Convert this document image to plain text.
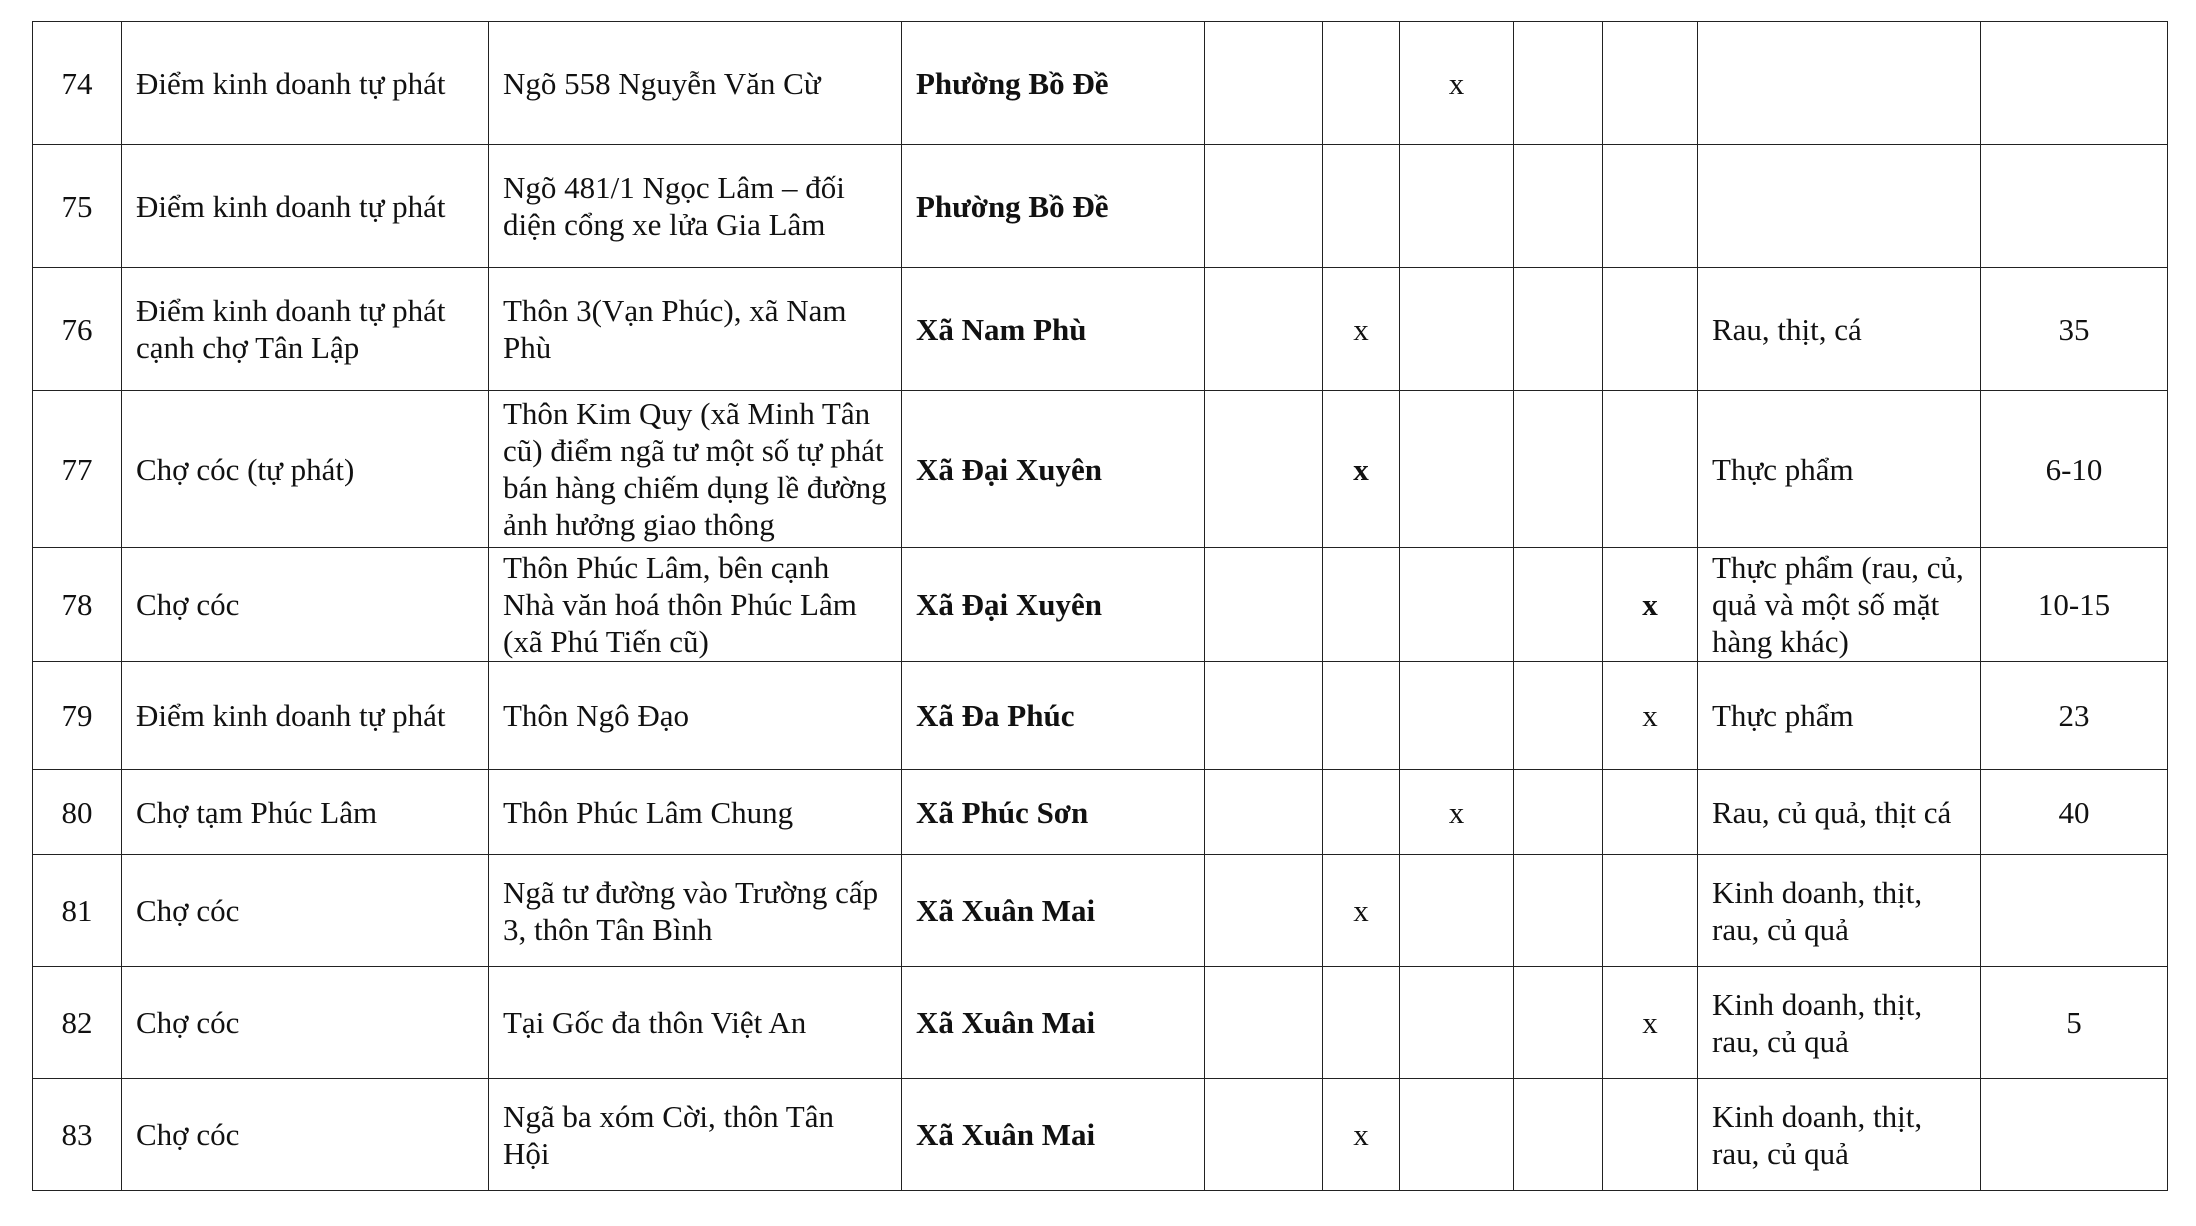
74	Điểm kinh doanh tự phát	Ngõ 558 Nguyễn Văn Cừ	Phường Bồ Đề			x				
75	Điểm kinh doanh tự phát	Ngõ 481/1 Ngọc Lâm – đối diện cổng xe lửa Gia Lâm	Phường Bồ Đề							
76	Điểm kinh doanh tự phát cạnh chợ Tân Lập	Thôn 3(Vạn Phúc), xã Nam Phù	Xã Nam Phù		x				Rau, thịt, cá	35
77	Chợ cóc (tự phát)	Thôn Kim Quy (xã Minh Tân cũ) điểm ngã tư một số tự phát bán hàng chiếm dụng lề đường ảnh hưởng giao thông	Xã Đại Xuyên		x				Thực phẩm	6-10
78	Chợ cóc	Thôn Phúc Lâm, bên cạnh Nhà văn hoá thôn Phúc Lâm (xã Phú Tiến cũ)	Xã Đại Xuyên					x	Thực phẩm (rau, củ, quả và một số mặt hàng khác)	10-15
79	Điểm kinh doanh tự phát	Thôn Ngô Đạo	Xã Đa Phúc					x	Thực phẩm	23
80	Chợ tạm Phúc Lâm	Thôn Phúc Lâm Chung	Xã Phúc Sơn			x			Rau, củ quả, thịt cá	40
81	Chợ cóc	Ngã tư đường vào Trường cấp 3, thôn Tân Bình	Xã Xuân Mai		x				Kinh doanh, thịt, rau, củ quả	
82	Chợ cóc	Tại Gốc đa thôn Việt An	Xã Xuân Mai					x	Kinh doanh, thịt, rau, củ quả	5
83	Chợ cóc	Ngã ba xóm Cời, thôn Tân Hội	Xã Xuân Mai		x				Kinh doanh, thịt, rau, củ quả	
